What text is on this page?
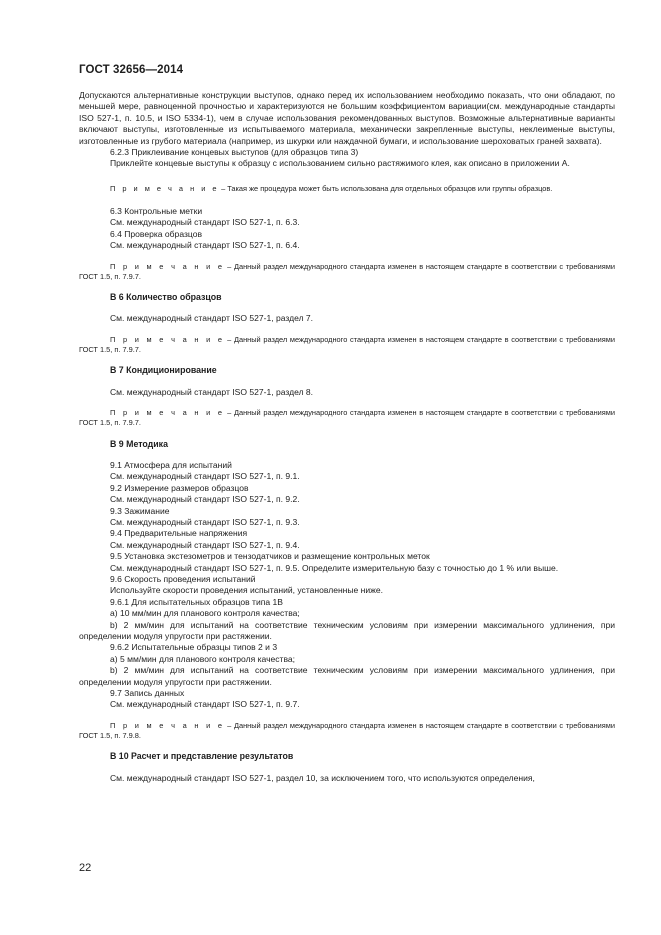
ГОСТ 32656—2014

Допускаются альтернативные конструкции выступов, однако перед их использованием необходимо показать, что они обладают, по меньшей мере, равноценной прочностью и характеризуются не большим коэффициентом вариации(см. международные стандарты ISO 527-1, п. 10.5, и ISO 5334-1), чем в случае использования рекомендованных выступов. Возможные альтернативные варианты включают выступы, изготовленные из испытываемого материала, механически закрепленные выступы, неклеименые выступы, изготовленные из грубого материала (например, из шкурки или наждачной бумаги, и использование шероховатых граней захвата).

6.2.3 Приклеивание концевых выступов (для образцов типа 3)

Приклейте концевые выступы к образцу с использованием сильно растяжимого клея, как описано в приложении А.

П р и м е ч а н и е – Такая же процедура может быть использована для отдельных образцов или группы образцов.

6.3 Контрольные метки

См. международный стандарт ISO 527-1, п. 6.3.

6.4 Проверка образцов

См. международный стандарт ISO 527-1, п. 6.4.

П р и м е ч а н и е – Данный раздел международного стандарта изменен в настоящем стандарте в соответствии с требованиями ГОСТ 1.5, п. 7.9.7.

В 6 Количество образцов

См. международный стандарт ISO 527-1, раздел 7.

П р и м е ч а н и е – Данный раздел международного стандарта изменен в настоящем стандарте в соответствии с требованиями ГОСТ 1.5, п. 7.9.7.

В 7 Кондиционирование

См. международный стандарт ISO 527-1, раздел 8.

П р и м е ч а н и е – Данный раздел международного стандарта изменен в настоящем стандарте в соответствии с требованиями ГОСТ 1.5, п. 7.9.7.

В 9 Методика

9.1 Атмосфера для испытаний

См. международный стандарт ISO 527-1, п. 9.1.

9.2 Измерение размеров образцов

См. международный стандарт ISO 527-1, п. 9.2.

9.3 Зажимание

См. международный стандарт ISO 527-1, п. 9.3.

9.4 Предварительные напряжения

См. международный стандарт ISO 527-1, п. 9.4.

9.5 Установка экстезометров и тензодатчиков и размещение контрольных меток

См. международный стандарт ISO 527-1, п. 9.5. Определите измерительную базу с точностью до 1 % или выше.

9.6 Скорость проведения испытаний

Используйте скорости проведения испытаний, установленные ниже.

9.6.1 Для испытательных образцов типа 1В

a) 10 мм/мин для планового контроля качества;

b) 2 мм/мин для испытаний на соответствие техническим условиям при измерении максимального удлинения, при определении модуля упругости при растяжении.

9.6.2 Испытательные образцы типов 2 и 3

a) 5 мм/мин для планового контроля качества;

b) 2 мм/мин для испытаний на соответствие техническим условиям при измерении максимального удлинения, при определении модуля упругости при растяжении.

9.7 Запись данных

См. международный стандарт ISO 527-1, п. 9.7.

П р и м е ч а н и е – Данный раздел международного стандарта изменен в настоящем стандарте в соответствии с требованиями ГОСТ 1.5, п. 7.9.8.

В 10 Расчет и представление результатов

См. международный стандарт ISO 527-1, раздел 10, за исключением того, что используются определения,

22
